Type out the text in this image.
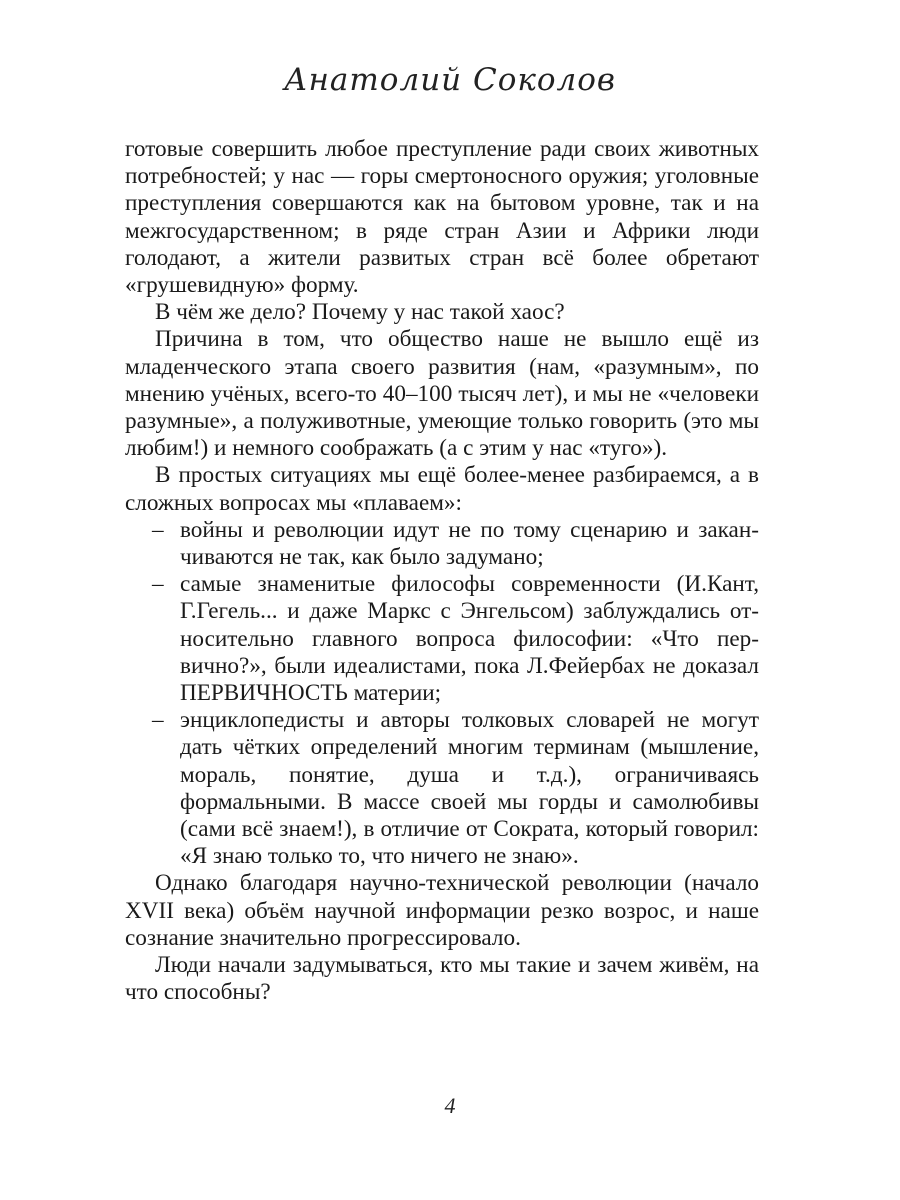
Анатолий Соколов

готовые совершить любое преступление ради своих животных потребностей; у нас — горы смертоносного оружия; уголовные преступления совершаются как на бытовом уровне, так и на межгосударственном; в ряде стран Азии и Африки люди голодают, а жители развитых стран всё более обретают «грушевидную» форму.

В чём же дело? Почему у нас такой хаос?

Причина в том, что общество наше не вышло ещё из младенческого этапа своего развития (нам, «разумным», по мнению учёных, всего-то 40–100 тысяч лет), и мы не «человеки разумные», а полуживотные, умеющие только говорить (это мы любим!) и немного соображать (а с этим у нас «туго»).

В простых ситуациях мы ещё более-менее разбираемся, а в сложных вопросах мы «плаваем»:

– войны и революции идут не по тому сценарию и заканчиваются не так, как было задумано;
– самые знаменитые философы современности (И.Кант, Г.Гегель... и даже Маркс с Энгельсом) заблуждались относительно главного вопроса философии: «Что первично?», были идеалистами, пока Л.Фейербах не доказал ПЕРВИЧНОСТЬ материи;
– энциклопедисты и авторы толковых словарей не могут дать чётких определений многим терминам (мышление, мораль, понятие, душа и т.д.), ограничиваясь формальными. В массе своей мы горды и самолюбивы (сами всё знаем!), в отличие от Сократа, который говорил: «Я знаю только то, что ничего не знаю».

Однако благодаря научно-технической революции (начало XVII века) объём научной информации резко возрос, и наше сознание значительно прогрессировало.

Люди начали задумываться, кто мы такие и зачем живём, на что способны?

4
